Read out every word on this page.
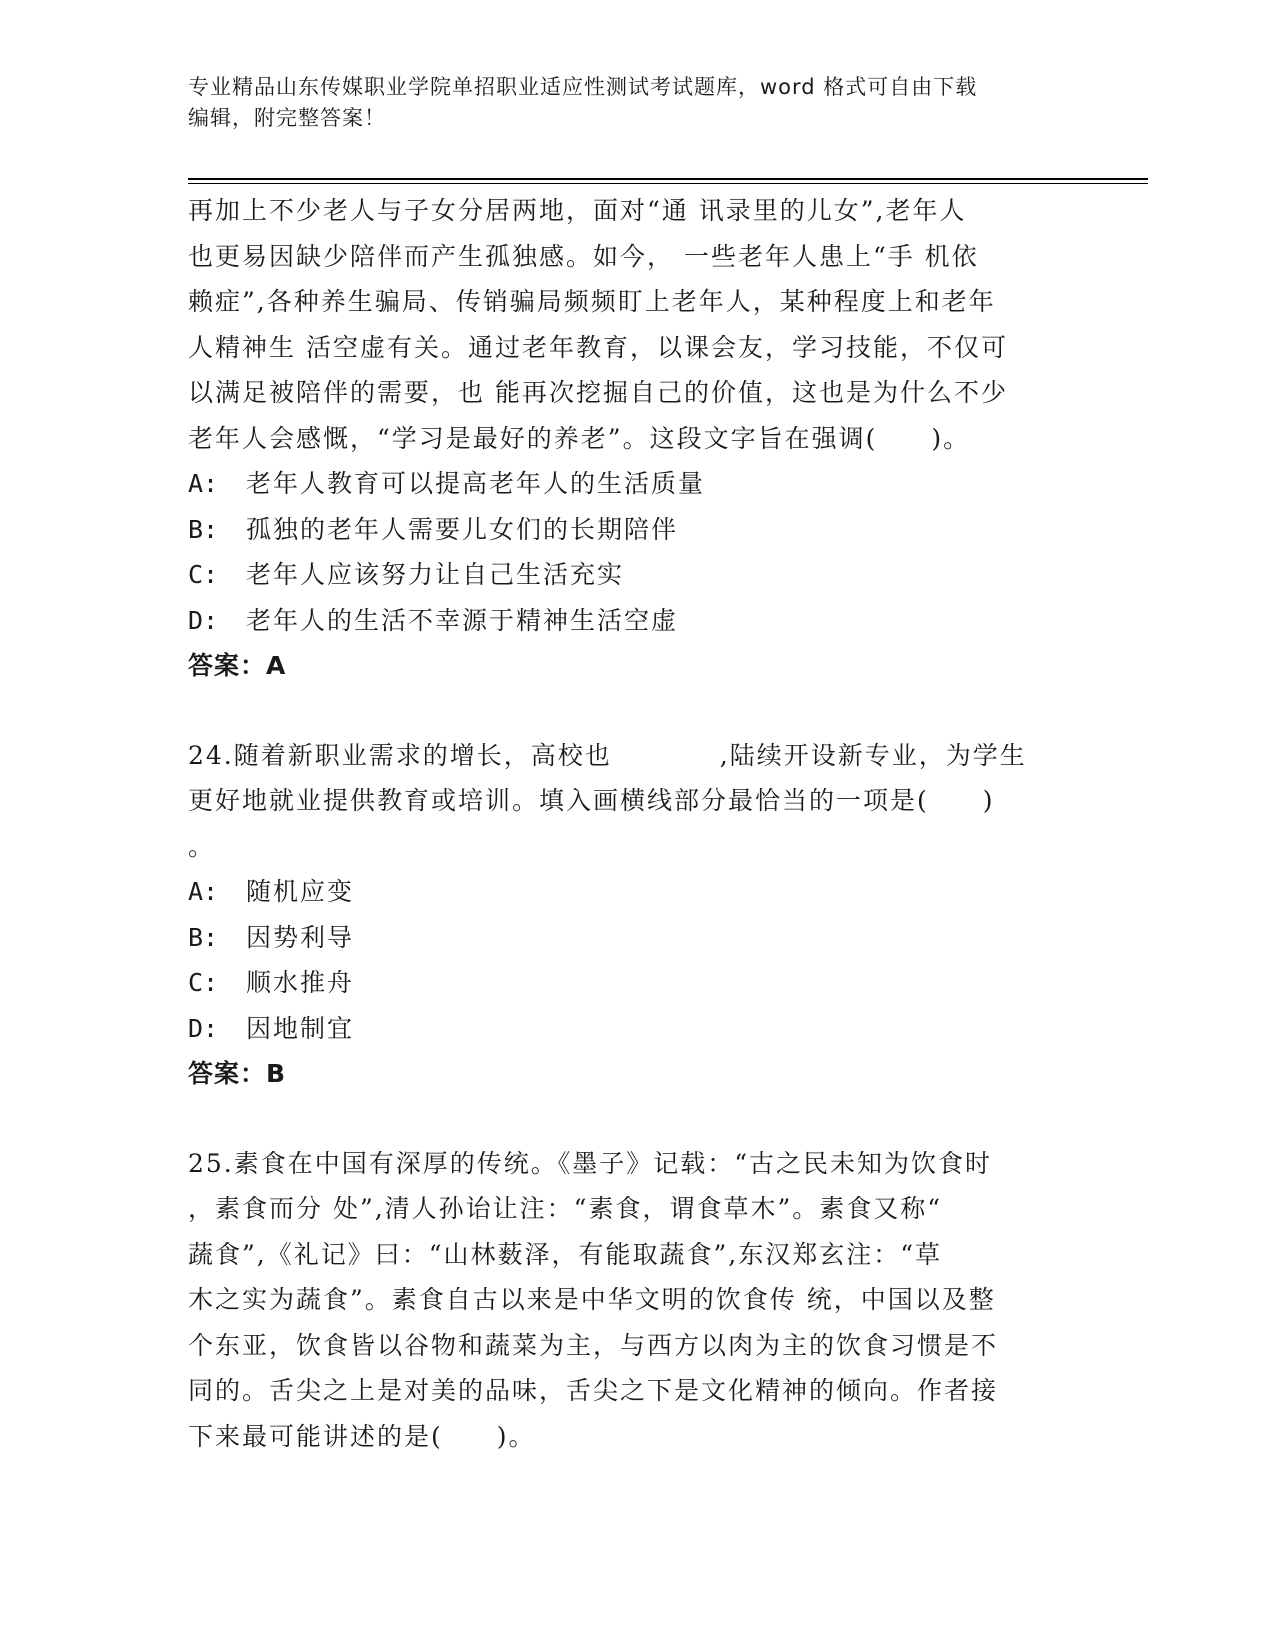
专业精品山东传媒职业学院单招职业适应性测试考试题库，word 格式可自由下载
编辑，附完整答案！
再加上不少老人与子女分居两地，面对“通 讯录里的儿女”,老年人
也更易因缺少陪伴而产生孤独感。如今， 一些老年人患上“手 机依
赖症”,各种养生骗局、传销骗局频频盯上老年人，某种程度上和老年
人精神生 活空虚有关。通过老年教育，以课会友，学习技能，不仅可
以满足被陪伴的需要，也 能再次挖掘自己的价值，这也是为什么不少
老年人会感慨，“学习是最好的养老”。这段文字旨在强调(　　)。
A: 老年人教育可以提高老年人的生活质量
B: 孤独的老年人需要儿女们的长期陪伴
C: 老年人应该努力让自己生活充实
D: 老年人的生活不幸源于精神生活空虚
答案：A
24.随着新职业需求的增长，高校也　　　　,陆续开设新专业，为学生
更好地就业提供教育或培训。填入画横线部分最恰当的一项是(　　)
。
A: 随机应变
B: 因势利导
C: 顺水推舟
D: 因地制宜
答案：B
25.素食在中国有深厚的传统。《墨子》记载：“古之民未知为饮食时
，素食而分 处”,清人孙诒让注：“素食，谓食草木”。素食又称“
蔬食”,《礼记》曰：“山林薮泽，有能取蔬食”,东汉郑玄注：“草
木之实为蔬食”。素食自古以来是中华文明的饮食传 统，中国以及整
个东亚，饮食皆以谷物和蔬菜为主，与西方以肉为主的饮食习惯是不
同的。舌尖之上是对美的品味，舌尖之下是文化精神的倾向。作者接
下来最可能讲述的是(　　)。
